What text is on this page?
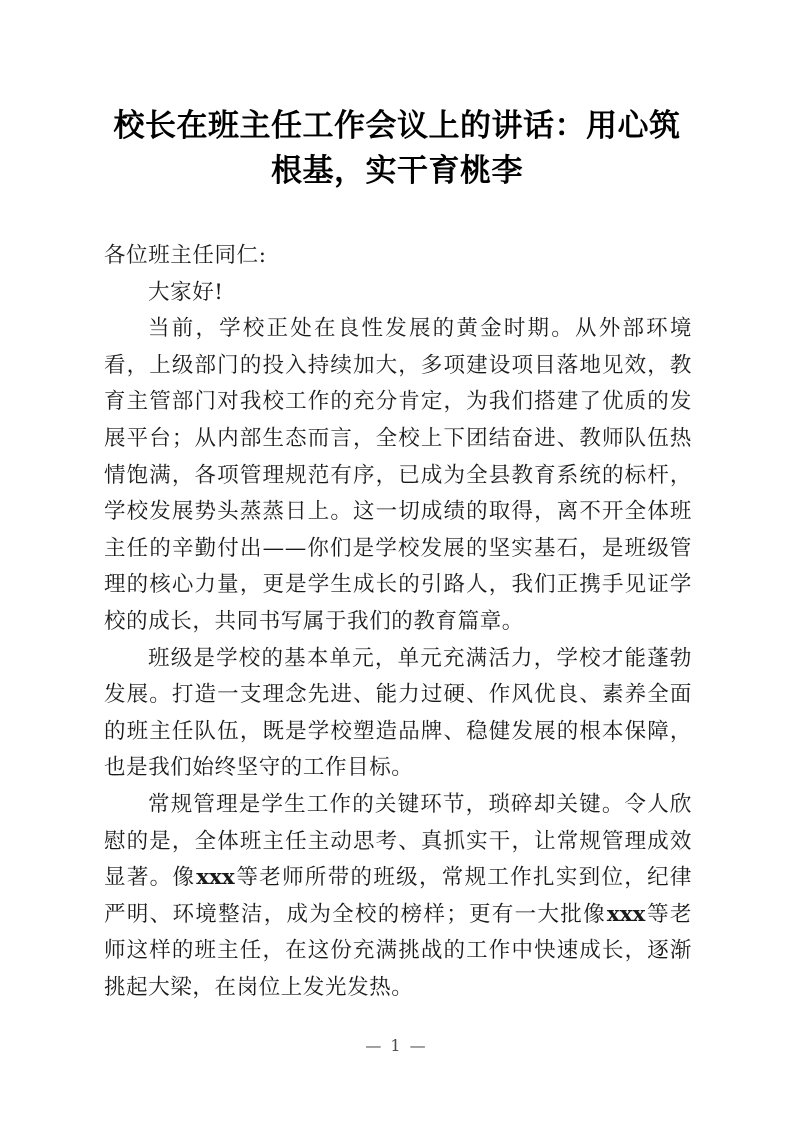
校长在班主任工作会议上的讲话：用心筑
根基，实干育桃李

各位班主任同仁:

大家好!

当前，学校正处在良性发展的黄金时期。从外部环境看，上级部门的投入持续加大，多项建设项目落地见效，教育主管部门对我校工作的充分肯定，为我们搭建了优质的发展平台；从内部生态而言，全校上下团结奋进、教师队伍热情饱满，各项管理规范有序，已成为全县教育系统的标杆，学校发展势头蒸蒸日上。这一切成绩的取得，离不开全体班主任的辛勤付出——你们是学校发展的坚实基石，是班级管理的核心力量，更是学生成长的引路人，我们正携手见证学校的成长，共同书写属于我们的教育篇章。

班级是学校的基本单元，单元充满活力，学校才能蓬勃发展。打造一支理念先进、能力过硬、作风优良、素养全面的班主任队伍，既是学校塑造品牌、稳健发展的根本保障，也是我们始终坚守的工作目标。

常规管理是学生工作的关键环节，琐碎却关键。令人欣慰的是，全体班主任主动思考、真抓实干，让常规管理成效显著。像xxx等老师所带的班级，常规工作扎实到位，纪律严明、环境整洁，成为全校的榜样；更有一大批像xxx等老师这样的班主任，在这份充满挑战的工作中快速成长，逐渐挑起大梁，在岗位上发光发热。

— 1 —
